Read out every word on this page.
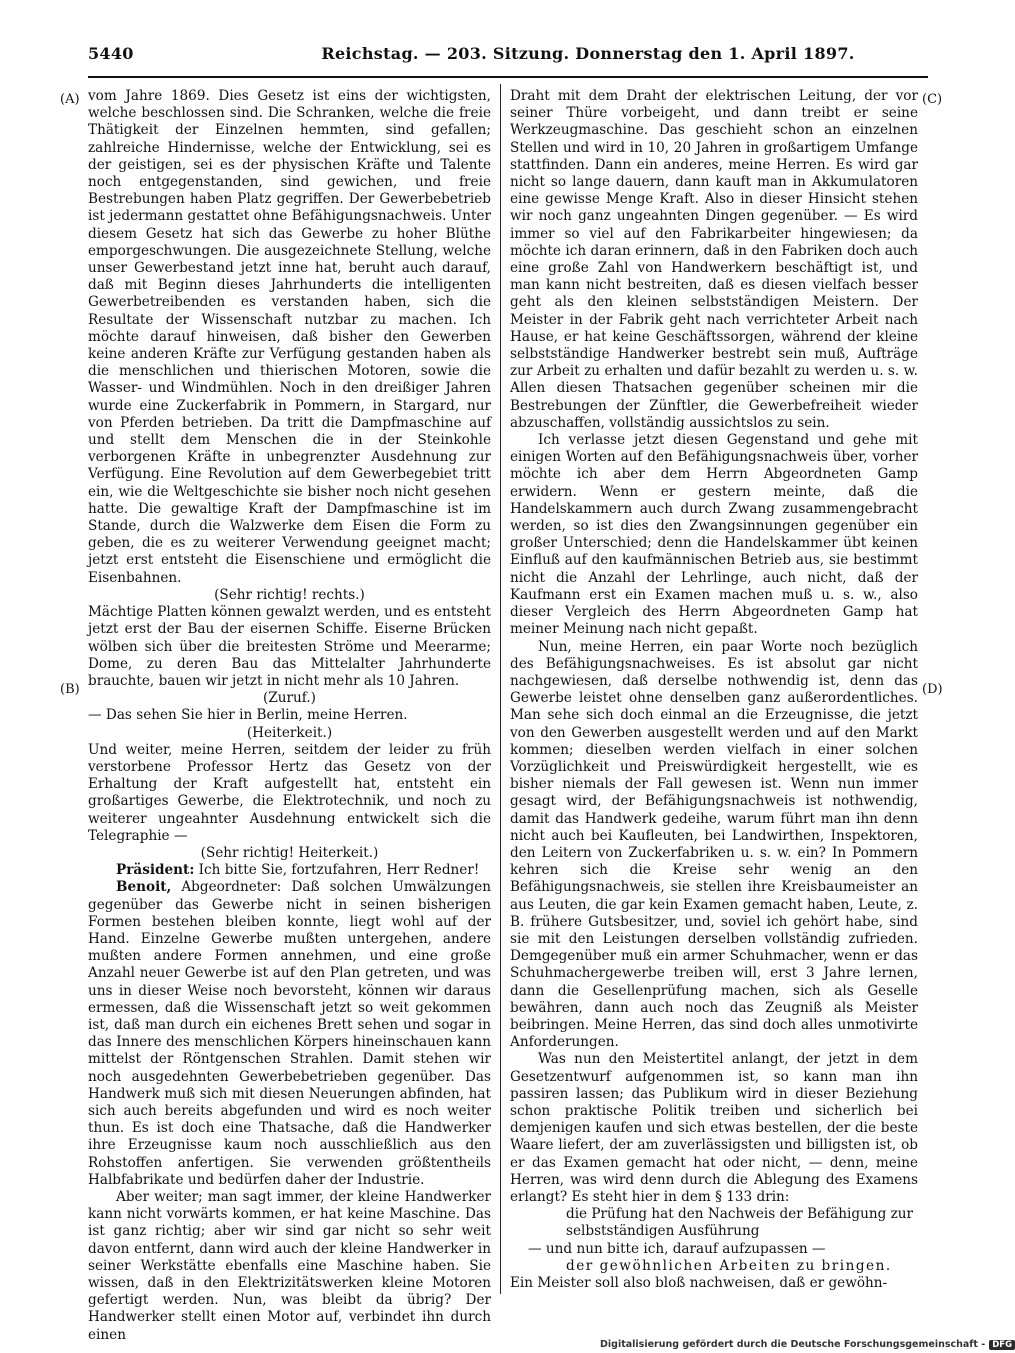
5440	Reichstag. — 203. Sitzung. Donnerstag den 1. April 1897.
(A)
(B)
(C)
(D)

vom Jahre 1869. Dies Gesetz ist eins der wichtigsten, welche beschlossen sind. Die Schranken, welche die freie Thätigkeit der Einzelnen hemmten, sind gefallen; zahlreiche Hindernisse, welche der Entwicklung, sei es der geistigen, sei es der physischen Kräfte und Talente noch entgegenstanden, sind gewichen, und freie Bestrebungen haben Platz gegriffen. Der Gewerbebetrieb ist jedermann gestattet ohne Befähigungsnachweis. Unter diesem Gesetz hat sich das Gewerbe zu hoher Blüthe emporgeschwungen. Die ausgezeichnete Stellung, welche unser Gewerbestand jetzt inne hat, beruht auch darauf, daß mit Beginn dieses Jahrhunderts die intelligenten Gewerbetreibenden es verstanden haben, sich die Resultate der Wissenschaft nutzbar zu machen. Ich möchte darauf hinweisen, daß bisher den Gewerben keine anderen Kräfte zur Verfügung gestanden haben als die menschlichen und thierischen Motoren, sowie die Wasser- und Windmühlen. Noch in den dreißiger Jahren wurde eine Zuckerfabrik in Pommern, in Stargard, nur von Pferden betrieben. Da tritt die Dampfmaschine auf und stellt dem Menschen die in der Steinkohle verborgenen Kräfte in unbegrenzter Ausdehnung zur Verfügung. Eine Revolution auf dem Gewerbegebiet tritt ein, wie die Weltgeschichte sie bisher noch nicht gesehen hatte. Die gewaltige Kraft der Dampfmaschine ist im Stande, durch die Walzwerke dem Eisen die Form zu geben, die es zu weiterer Verwendung geeignet macht; jetzt erst entsteht die Eisenschiene und ermöglicht die Eisenbahnen.

(Sehr richtig! rechts.)

Mächtige Platten können gewalzt werden, und es entsteht jetzt erst der Bau der eisernen Schiffe. Eiserne Brücken wölben sich über die breitesten Ströme und Meerarme; Dome, zu deren Bau das Mittelalter Jahrhunderte brauchte, bauen wir jetzt in nicht mehr als 10 Jahren.

(Zuruf.)

— Das sehen Sie hier in Berlin, meine Herren.

(Heiterkeit.)

Und weiter, meine Herren, seitdem der leider zu früh verstorbene Professor Hertz das Gesetz von der Erhaltung der Kraft aufgestellt hat, entsteht ein großartiges Gewerbe, die Elektrotechnik, und noch zu weiterer ungeahnter Ausdehnung entwickelt sich die Telegraphie —

(Sehr richtig! Heiterkeit.)

Präsident: Ich bitte Sie, fortzufahren, Herr Redner!

Benoit, Abgeordneter: Daß solchen Umwälzungen gegenüber das Gewerbe nicht in seinen bisherigen Formen bestehen bleiben konnte, liegt wohl auf der Hand. Einzelne Gewerbe mußten untergehen, andere mußten andere Formen annehmen, und eine große Anzahl neuer Gewerbe ist auf den Plan getreten, und was uns in dieser Weise noch bevorsteht, können wir daraus ermessen, daß die Wissenschaft jetzt so weit gekommen ist, daß man durch ein eichenes Brett sehen und sogar in das Innere des menschlichen Körpers hineinschauen kann mittelst der Röntgenschen Strahlen. Damit stehen wir noch ausgedehnten Gewerbebetrieben gegenüber. Das Handwerk muß sich mit diesen Neuerungen abfinden, hat sich auch bereits abgefunden und wird es noch weiter thun. Es ist doch eine Thatsache, daß die Handwerker ihre Erzeugnisse kaum noch ausschließlich aus den Rohstoffen anfertigen. Sie verwenden größtentheils Halbfabrikate und bedürfen daher der Industrie.

Aber weiter; man sagt immer, der kleine Handwerker kann nicht vorwärts kommen, er hat keine Maschine. Das ist ganz richtig; aber wir sind gar nicht so sehr weit davon entfernt, dann wird auch der kleine Handwerker in seiner Werkstätte ebenfalls eine Maschine haben. Sie wissen, daß in den Elektrizitätswerken kleine Motoren gefertigt werden. Nun, was bleibt da übrig? Der Handwerker stellt einen Motor auf, verbindet ihn durch einen

Draht mit dem Draht der elektrischen Leitung, der vor seiner Thüre vorbeigeht, und dann treibt er seine Werkzeugmaschine. Das geschieht schon an einzelnen Stellen und wird in 10, 20 Jahren in großartigem Umfange stattfinden. Dann ein anderes, meine Herren. Es wird gar nicht so lange dauern, dann kauft man in Akkumulatoren eine gewisse Menge Kraft. Also in dieser Hinsicht stehen wir noch ganz ungeahnten Dingen gegenüber. — Es wird immer so viel auf den Fabrikarbeiter hingewiesen; da möchte ich daran erinnern, daß in den Fabriken doch auch eine große Zahl von Handwerkern beschäftigt ist, und man kann nicht bestreiten, daß es diesen vielfach besser geht als den kleinen selbstständigen Meistern. Der Meister in der Fabrik geht nach verrichteter Arbeit nach Hause, er hat keine Geschäftssorgen, während der kleine selbstständige Handwerker bestrebt sein muß, Aufträge zur Arbeit zu erhalten und dafür bezahlt zu werden u. s. w. Allen diesen Thatsachen gegenüber scheinen mir die Bestrebungen der Zünftler, die Gewerbefreiheit wieder abzuschaffen, vollständig aussichtslos zu sein.

Ich verlasse jetzt diesen Gegenstand und gehe mit einigen Worten auf den Befähigungsnachweis über, vorher möchte ich aber dem Herrn Abgeordneten Gamp erwidern. Wenn er gestern meinte, daß die Handelskammern auch durch Zwang zusammengebracht werden, so ist dies den Zwangsinnungen gegenüber ein großer Unterschied; denn die Handelskammer übt keinen Einfluß auf den kaufmännischen Betrieb aus, sie bestimmt nicht die Anzahl der Lehrlinge, auch nicht, daß der Kaufmann erst ein Examen machen muß u. s. w., also dieser Vergleich des Herrn Abgeordneten Gamp hat meiner Meinung nach nicht gepaßt.

Nun, meine Herren, ein paar Worte noch bezüglich des Befähigungsnachweises. Es ist absolut gar nicht nachgewiesen, daß derselbe nothwendig ist, denn das Gewerbe leistet ohne denselben ganz außerordentliches. Man sehe sich doch einmal an die Erzeugnisse, die jetzt von den Gewerben ausgestellt werden und auf den Markt kommen; dieselben werden vielfach in einer solchen Vorzüglichkeit und Preiswürdigkeit hergestellt, wie es bisher niemals der Fall gewesen ist. Wenn nun immer gesagt wird, der Befähigungsnachweis ist nothwendig, damit das Handwerk gedeihe, warum führt man ihn denn nicht auch bei Kaufleuten, bei Landwirthen, Inspektoren, den Leitern von Zuckerfabriken u. s. w. ein? In Pommern kehren sich die Kreise sehr wenig an den Befähigungsnachweis, sie stellen ihre Kreisbaumeister an aus Leuten, die gar kein Examen gemacht haben, Leute, z. B. frühere Gutsbesitzer, und, soviel ich gehört habe, sind sie mit den Leistungen derselben vollständig zufrieden. Demgegenüber muß ein armer Schuhmacher, wenn er das Schuhmachergewerbe treiben will, erst 3 Jahre lernen, dann die Gesellenprüfung machen, sich als Geselle bewähren, dann auch noch das Zeugniß als Meister beibringen. Meine Herren, das sind doch alles unmotivirte Anforderungen.

Was nun den Meistertitel anlangt, der jetzt in dem Gesetzentwurf aufgenommen ist, so kann man ihn passiren lassen; das Publikum wird in dieser Beziehung schon praktische Politik treiben und sicherlich bei demjenigen kaufen und sich etwas bestellen, der die beste Waare liefert, der am zuverlässigsten und billigsten ist, ob er das Examen gemacht hat oder nicht, — denn, meine Herren, was wird denn durch die Ablegung des Examens erlangt? Es steht hier in dem § 133 drin:

die Prüfung hat den Nachweis der Befähigung zur selbstständigen Ausführung

— und nun bitte ich, darauf aufzupassen —

der gewöhnlichen Arbeiten zu bringen.

Ein Meister soll also bloß nachweisen, daß er gewöhn-

Digitalisierung gefördert durch die Deutsche Forschungsgemeinschaft - DFG
